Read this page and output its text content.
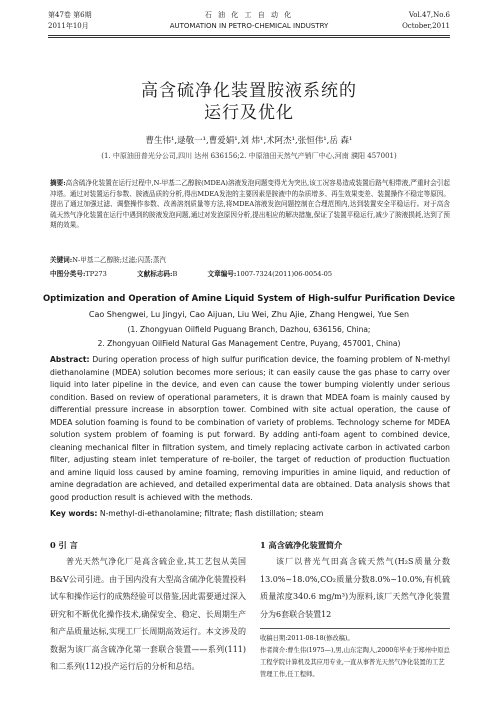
第47卷 第6期
2011年10月
石 油 化 工 自 动 化
AUTOMATION IN PETRO-CHEMICAL INDUSTRY
Vol.47,No.6
October,2011
高含硫净化装置胺液系统的
运行及优化
曹生伟¹,逯敬一¹,曹爱娟¹,刘 炜¹,术阿杰¹,张恒伟¹,岳 森¹
(1. 中原油田普光分公司,四川 达州 636156;2. 中原油田天然气产销厂中心,河南 濮阳 457001)
摘要:高含硫净化装置在运行过程中,N-甲基二乙醇胺(MDEA)溶液发泡问题变得尤为突出,该工况容易造成装置后路气相带液,严重时会引起冲塔。通过对装置运行参数、胺液品质的分析,得出MDEA发泡的主要因素是胺液中的杂质增多、再生效果变差、装置操作不稳定等原因。提出了通过加强过滤、调整操作参数、改善溶剂质量等方法,将MDEA溶液发泡问题控制在合理范围内,达到装置安全平稳运行。对于高含硫天然气净化装置在运行中遇到的胺液发泡问题,通过对发泡原因分析,提出相应的解决措施,保证了装置平稳运行,减少了胺液损耗,达到了预期的效果。
关键词:N-甲基二乙醇胺;过滤;闪蒸;蒸汽
中图分类号:TP273	文献标志码:B	文章编号:1007-7324(2011)06-0054-05
Optimization and Operation of Amine Liquid System of High-sulfur Purification Device
Cao Shengwei, Lu Jingyi, Cao Aijuan, Liu Wei, Zhu Ajie, Zhang Hengwei, Yue Sen
(1. Zhongyuan Oilfield Puguang Branch, Dazhou, 636156, China;
2. Zhongyuan OilField Natural Gas Management Centre, Puyang, 457001, China)
Abstract: During operation process of high sulfur purification device, the foaming problem of N-methyl diethanolamine (MDEA) solution becomes more serious; it can easily cause the gas phase to carry over liquid into later pipeline in the device, and even can cause the tower bumping violently under serious condition. Based on review of operational parameters, it is drawn that MDEA foam is mainly caused by differential pressure increase in absorption tower. Combined with site actual operation, the cause of MDEA solution foaming is found to be combination of variety of problems. Technology scheme for MDEA solution system problem of foaming is put forward. By adding anti-foam agent to combined device, cleaning mechanical filter in filtration system, and timely replacing activate carbon in activated carbon filter, adjusting steam inlet temperature of re-boiler, the target of reduction of production fluctuation and amine liquid loss caused by amine foaming, removing impurities in amine liquid, and reduction of amine degradation are achieved, and detailed experimental data are obtained. Data analysis shows that good production result is achieved with the methods.
Key words: N-methyl-di-ethanolamine; filtrate; flash distillation; steam
0 引 言
普光天然气净化厂是高含硫企业,其工艺包从美国B&V公司引进。由于国内没有大型高含硫净化装置投料试车和操作运行的成熟经验可以借鉴,因此需要通过深入研究和不断优化操作技术,确保安全、稳定、长周期生产和产品质量达标,实现工厂长周期高效运行。本文涉及的数据为该厂高含硫净化第一套联合装置——系列(111)和二系列(112)投产运行后的分析和总结。
1 高含硫净化装置简介
该厂以普光气田高含硫天然气(H₂S质量分数13.0%~18.0%,CO₂质量分数8.0%~10.0%,有机硫质量浓度340.6 mg/m³)为原料,该厂天然气净化装置分为6套联合装置12
收稿日期:2011-08-18(修改稿)。
作者简介:曹生伟(1975—),男,山东定陶人,2000年毕业于郑州中原总工程学院计算机及其应用专业,一直从事普光天然气净化装置的工艺管理工作,任工程师。
